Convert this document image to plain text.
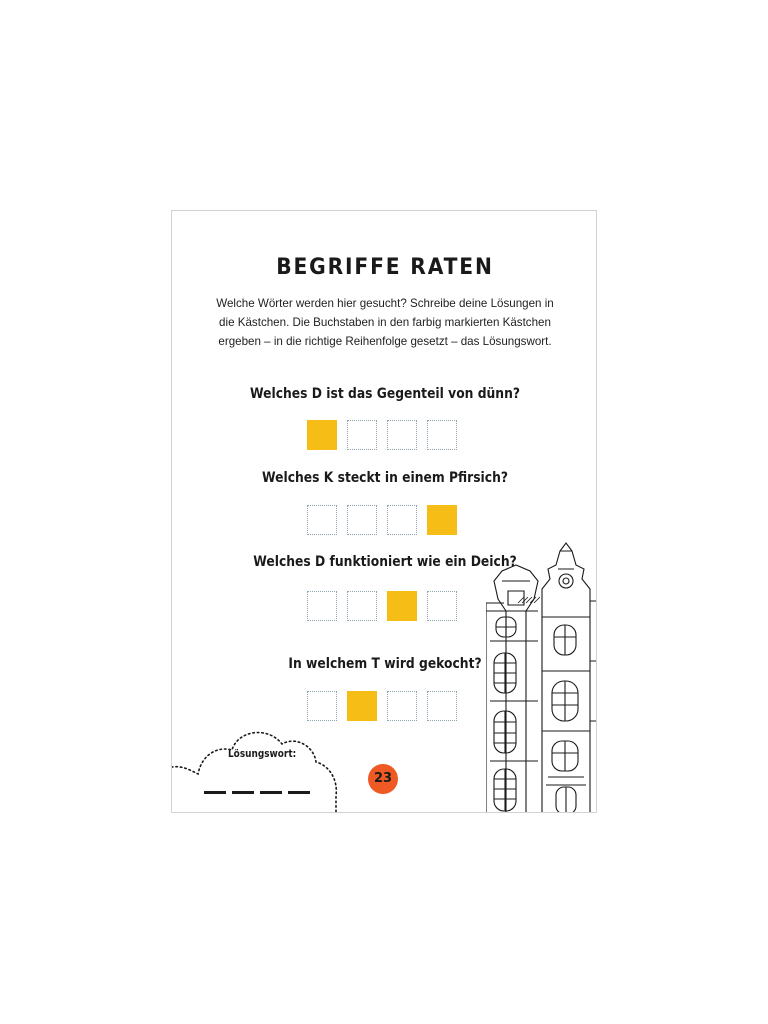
BEGRIFFE RATEN
Welche Wörter werden hier gesucht? Schreibe deine Lösungen in die Kästchen. Die Buchstaben in den farbig markierten Kästchen ergeben – in die richtige Reihenfolge gesetzt – das Lösungswort.
Welches D ist das Gegenteil von dünn?
Welches K steckt in einem Pfirsich?
Welches D funktioniert wie ein Deich?
In welchem T wird gekocht?
Lösungswort:
23
